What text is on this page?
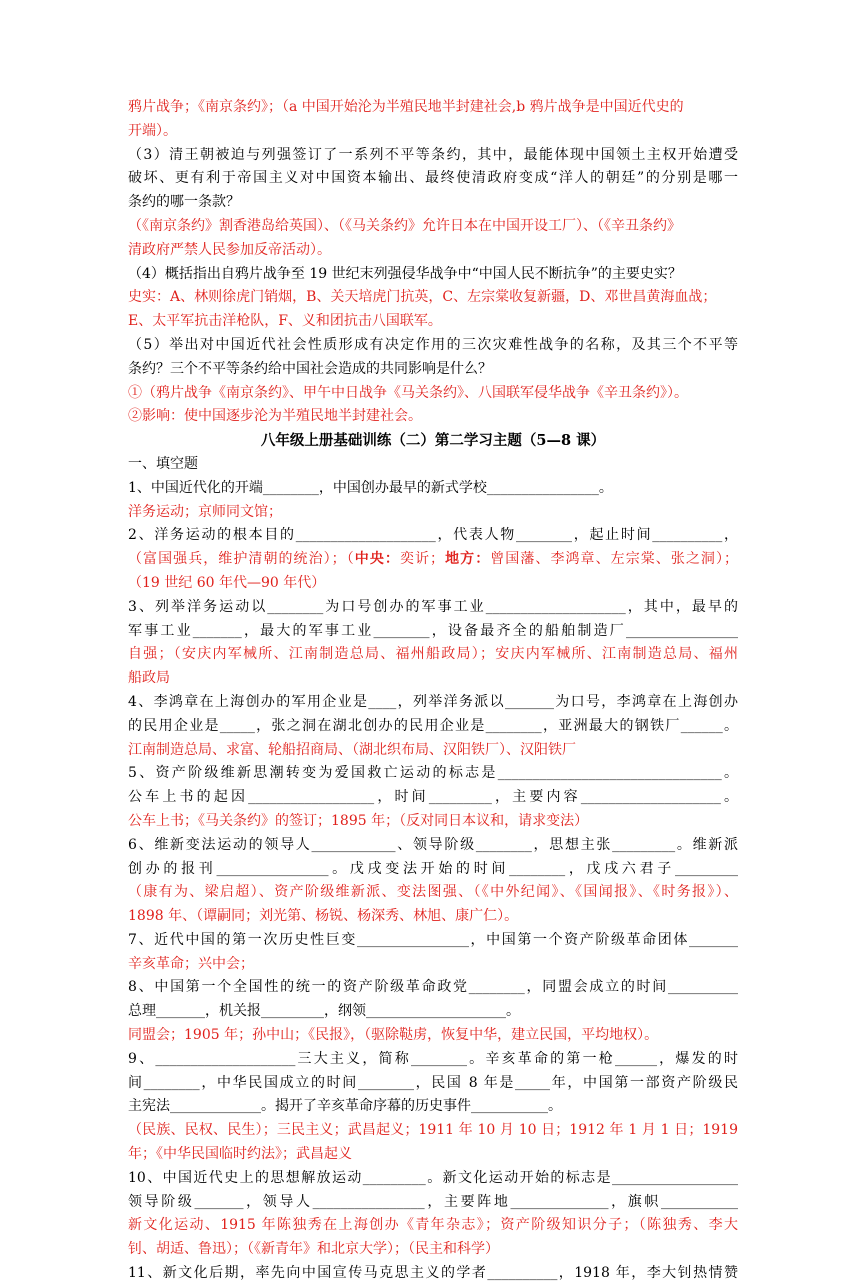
鸦片战争；《南京条约》；（a 中国开始沦为半殖民地半封建社会,b 鸦片战争是中国近代史的
开端）。
（3）清王朝被迫与列强签订了一系列不平等条约，其中，最能体现中国领土主权开始遭受
破坏、更有利于帝国主义对中国资本输出、最终使清政府变成“洋人的朝廷”的分别是哪一
条约的哪一条款？
（《南京条约》割香港岛给英国）、（《马关条约》允许日本在中国开设工厂）、（《辛丑条约》
清政府严禁人民参加反帝活动）。
（4）概括指出自鸦片战争至 19 世纪末列强侵华战争中“中国人民不断抗争”的主要史实？
史实：A、林则徐虎门销烟，B、关天培虎门抗英，C、左宗棠收复新疆，D、邓世昌黄海血战；
E、太平军抗击洋枪队，F、义和团抗击八国联军。
（5）举出对中国近代社会性质形成有决定作用的三次灾难性战争的名称，及其三个不平等
条约？三个不平等条约给中国社会造成的共同影响是什么？
①（鸦片战争《南京条约》、甲午中日战争《马关条约》、八国联军侵华战争《辛丑条约》）。
②影响：使中国逐步沦为半殖民地半封建社会。
八年级上册基础训练（二）第二学习主题（5—8 课）
一、填空题
1、中国近代化的开端________，中国创办最早的新式学校________________。
洋务运动；京师同文馆；
2、洋务运动的根本目的____________________，代表人物________，起止时间__________，
（富国强兵，维护清朝的统治）；（中央：奕䜣；地方：曾国藩、李鸿章、左宗棠、张之洞）；
（19 世纪 60 年代—90 年代）
3、列举洋务运动以________为口号创办的军事工业____________________，其中，最早的
军事工业_______，最大的军事工业________，设备最齐全的船舶制造厂________________
自强；（安庆内军械所、江南制造总局、福州船政局）；安庆内军械所、江南制造总局、福州
船政局
4、李鸿章在上海创办的军用企业是____，列举洋务派以_______为口号，李鸿章在上海创办
的民用企业是_____，张之洞在湖北创办的民用企业是________，亚洲最大的钢铁厂______。
江南制造总局、求富、轮船招商局、（湖北织布局、汉阳铁厂）、汉阳铁厂
5、资产阶级维新思潮转变为爱国救亡运动的标志是________________________________。
公车上书的起因__________________，时间_________，主要内容____________________。
公车上书；《马关条约》的签订；1895 年；（反对同日本议和，请求变法）
6、维新变法运动的领导人____________、领导阶级________，思想主张_________。维新派
创办的报刊________________。戊戌变法开始的时间________，戊戌六君子_________
（康有为、梁启超）、资产阶级维新派、变法图强、（《中外纪闻》、《国闻报》、《时务报》）、
1898 年、（谭嗣同；刘光第、杨锐、杨深秀、林旭、康广仁）。
7、近代中国的第一次历史性巨变________________，中国第一个资产阶级革命团体_______
辛亥革命；兴中会；
8、中国第一个全国性的统一的资产阶级革命政党________，同盟会成立的时间__________
总理_______，机关报_________，纲领____________________。
同盟会；1905 年；孙中山；《民报》，（驱除鞑虏，恢复中华，建立民国，平均地权）。
9、____________________三大主义，简称________。辛亥革命的第一枪______，爆发的时
间________，中华民国成立的时间________，民国 8 年是_____年，中国第一部资产阶级民
主宪法_____________。揭开了辛亥革命序幕的历史事件___________。
（民族、民权、民生）；三民主义；武昌起义；1911 年 10 月 10 日；1912 年 1 月 1 日；1919
年；《中华民国临时约法》；武昌起义
10、中国近代史上的思想解放运动_________。新文化运动开始的标志是__________________
领导阶级_______，领导人________________，主要阵地______________，旗帜___________
新文化运动、1915 年陈独秀在上海创办《青年杂志》；资产阶级知识分子；（陈独秀、李大
钊、胡适、鲁迅）；（《新青年》和北京大学）；（民主和科学）
11、新文化后期，率先向中国宣传马克思主义的学者__________，1918 年，李大钊热情赞
